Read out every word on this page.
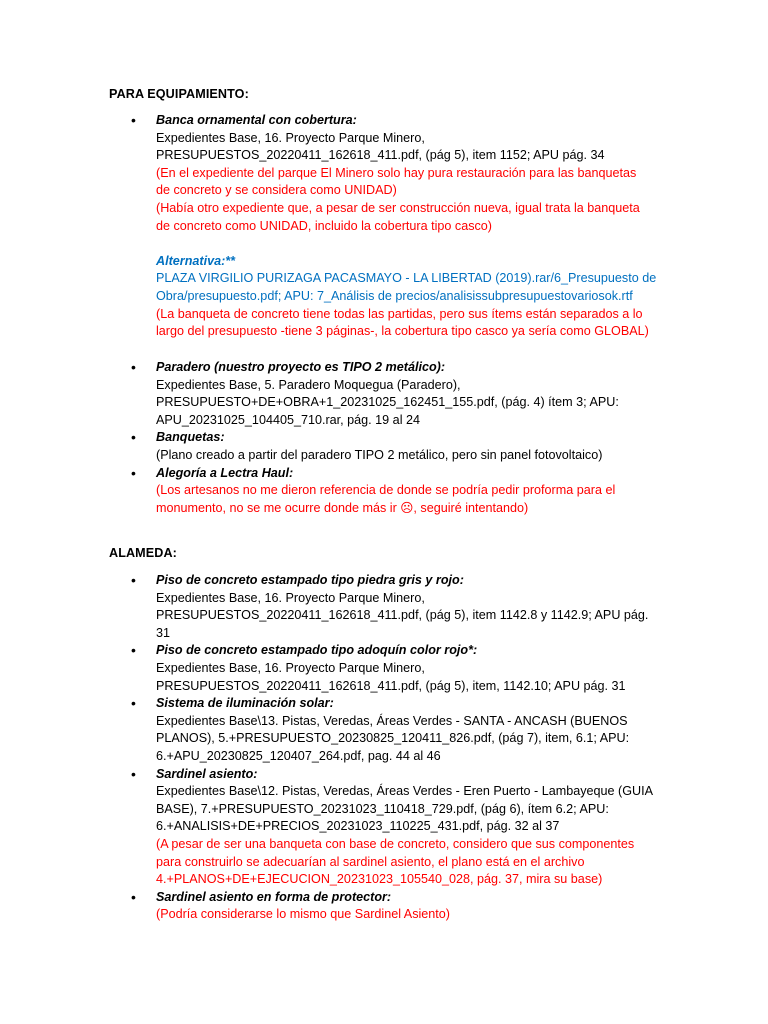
PARA EQUIPAMIENTO:
• Banca ornamental con cobertura:
Expedientes Base, 16. Proyecto Parque Minero,
PRESUPUESTOS_20220411_162618_411.pdf, (pág 5), item 1152; APU pág. 34
(En el expediente del parque El Minero solo hay pura restauración para las banquetas
de concreto y se considera como UNIDAD)
(Había otro expediente que, a pesar de ser construcción nueva, igual trata la banqueta
de concreto como UNIDAD, incluido la cobertura tipo casco)
Alternativa:**
PLAZA VIRGILIO PURIZAGA PACASMAYO - LA LIBERTAD (2019).rar/6_Presupuesto de
Obra/presupuesto.pdf; APU: 7_Análisis de precios/analisissubpresupuestovariosok.rtf
(La banqueta de concreto tiene todas las partidas, pero sus ítems están separados a lo
largo del presupuesto -tiene 3 páginas-, la cobertura tipo casco ya sería como GLOBAL)
• Paradero (nuestro proyecto es TIPO 2 metálico):
Expedientes Base, 5. Paradero Moquegua (Paradero),
PRESUPUESTO+DE+OBRA+1_20231025_162451_155.pdf, (pág. 4) ítem 3; APU:
APU_20231025_104405_710.rar, pág. 19 al 24
• Banquetas:
(Plano creado a partir del paradero TIPO 2 metálico, pero sin panel fotovoltaico)
• Alegoría a Lectra Haul:
(Los artesanos no me dieron referencia de donde se podría pedir proforma para el
monumento, no se me ocurre donde más ir ☹, seguiré intentando)
ALAMEDA:
• Piso de concreto estampado tipo piedra gris y rojo:
Expedientes Base, 16. Proyecto Parque Minero,
PRESUPUESTOS_20220411_162618_411.pdf, (pág 5), item 1142.8 y 1142.9; APU pág.
31
• Piso de concreto estampado tipo adoquín color rojo*:
Expedientes Base, 16. Proyecto Parque Minero,
PRESUPUESTOS_20220411_162618_411.pdf, (pág 5), item, 1142.10; APU pág. 31
• Sistema de iluminación solar:
Expedientes Base\13. Pistas, Veredas, Áreas Verdes - SANTA - ANCASH (BUENOS
PLANOS), 5.+PRESUPUESTO_20230825_120411_826.pdf, (pág 7), item, 6.1; APU:
6.+APU_20230825_120407_264.pdf, pag. 44 al 46
• Sardinel asiento:
Expedientes Base\12. Pistas, Veredas, Áreas Verdes - Eren Puerto - Lambayeque (GUIA
BASE), 7.+PRESUPUESTO_20231023_110418_729.pdf, (pág 6), ítem 6.2; APU:
6.+ANALISIS+DE+PRECIOS_20231023_110225_431.pdf, pág. 32 al 37
(A pesar de ser una banqueta con base de concreto, considero que sus componentes
para construirlo se adecuarían al sardinel asiento, el plano está en el archivo
4.+PLANOS+DE+EJECUCION_20231023_105540_028, pág. 37, mira su base)
• Sardinel asiento en forma de protector:
(Podría considerarse lo mismo que Sardinel Asiento)
